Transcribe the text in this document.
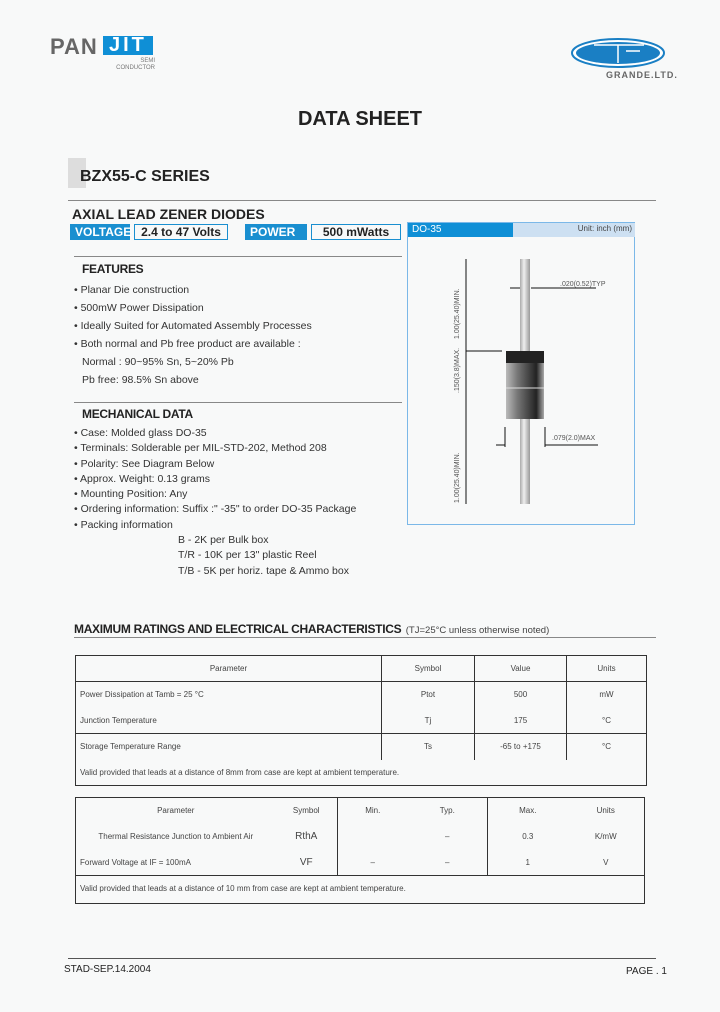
PAN JIT
SEMI
CONDUCTOR
GRANDE.LTD.
DATA SHEET
BZX55-C SERIES
AXIAL LEAD ZENER DIODES
VOLTAGE 2.4 to 47 Volts	POWER	500 mWatts	DO-35	Unit: inch (mm)
.020(0.52)TYP
.079(2.0)MAX
1.00(25.40)MIN.
.150(3.8)MAX.
1.00(25.40)MIN.
FEATURES
• Planar Die construction
• 500mW Power Dissipation
• Ideally Suited for Automated Assembly Processes
• Both normal and Pb free product are available :
Normal : 90~95% Sn, 5~20% Pb
Pb free: 98.5% Sn above
MECHANICAL DATA
• Case: Molded glass DO-35
• Terminals: Solderable per MIL-STD-202, Method 208
• Polarity: See Diagram Below
• Approx. Weight: 0.13 grams
• Mounting Position: Any
• Ordering information: Suffix :" -35" to order DO-35 Package
• Packing information
B - 2K per Bulk box
T/R - 10K per 13" plastic Reel
T/B - 5K per horiz. tape & Ammo box
MAXIMUM RATINGS AND ELECTRICAL CHARACTERISTICS (TJ=25°C unless otherwise noted)
Parameter	Symbol	Value	Units
Power Dissipation at Tamb = 25 °C	Ptot	500	mW
Junction Temperature	Tj	175	°C
Storage Temperature Range	Ts	-65 to +175	°C
Valid provided that leads at a distance of 8mm from case are kept at ambient temperature.			
Parameter	Symbol	Min.	Typ.	Max.	Units
Thermal Resistance Junction to Ambient Air	RthA		–	0.3	K/mW
Forward Voltage at IF = 100mA	VF	–	–	1	V
Valid provided that leads at a distance of 10 mm from case are kept at ambient temperature.					
STAD-SEP.14.2004	PAGE . 1
